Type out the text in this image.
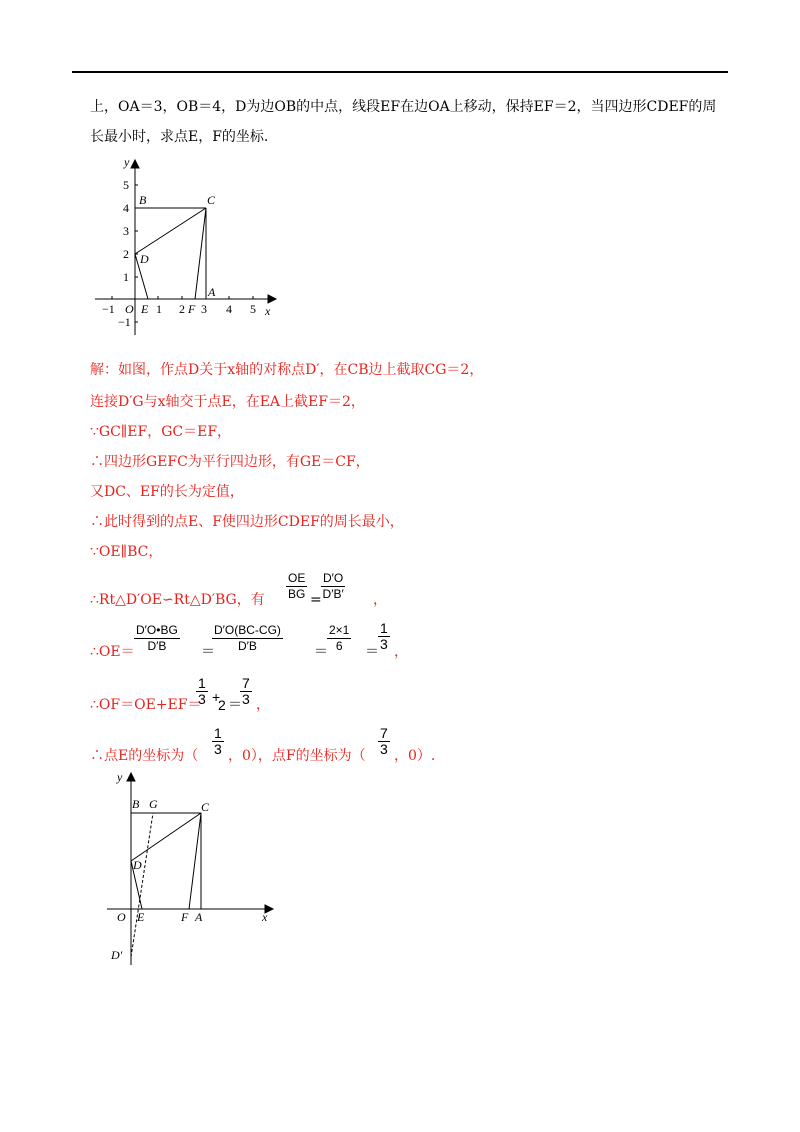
上，OA＝3，OB＝4，D为边OB的中点，线段EF在边OA上移动，保持EF＝2，当四边形CDEF的周
长最小时，求点E，F的坐标.
y
x
O
−1	1 2 3 4 5
5
4
3
2
1
−1
B	C
D
E	F
A
解：如图，作点D关于x轴的对称点D′，在CB边上截取CG＝2，
连接D′G与x轴交于点E，在EA上截EF＝2，
∵GC∥EF，GC＝EF，
∴四边形GEFC为平行四边形，有GE＝CF，
又DC、EF的长为定值，
∴此时得到的点E、F使四边形CDEF的周长最小，
∵OE∥BC，
∴Rt△D′OE∽Rt△D′BG，有 $\frac{OE}{BG} = \frac{D'O}{D'B'}$ ，
∴OE＝ $\frac{D'O•BG}{D'B}$ ＝
$\frac{D'O(BC-CG)}{D'B} = \frac{2\times 1}{6} = \frac{1}{3}$ ，
∴OF＝OE+EF＝
$\frac{1}{3}$ +
2 ＝
$\frac{7}{3}$ ，
∴点E的坐标为（ $\frac{1}{3}$ ，0），点F的坐标为（ $\frac{7}{3}$ ，0）.
y
x
O
B G	C
D
E	F A
D′
